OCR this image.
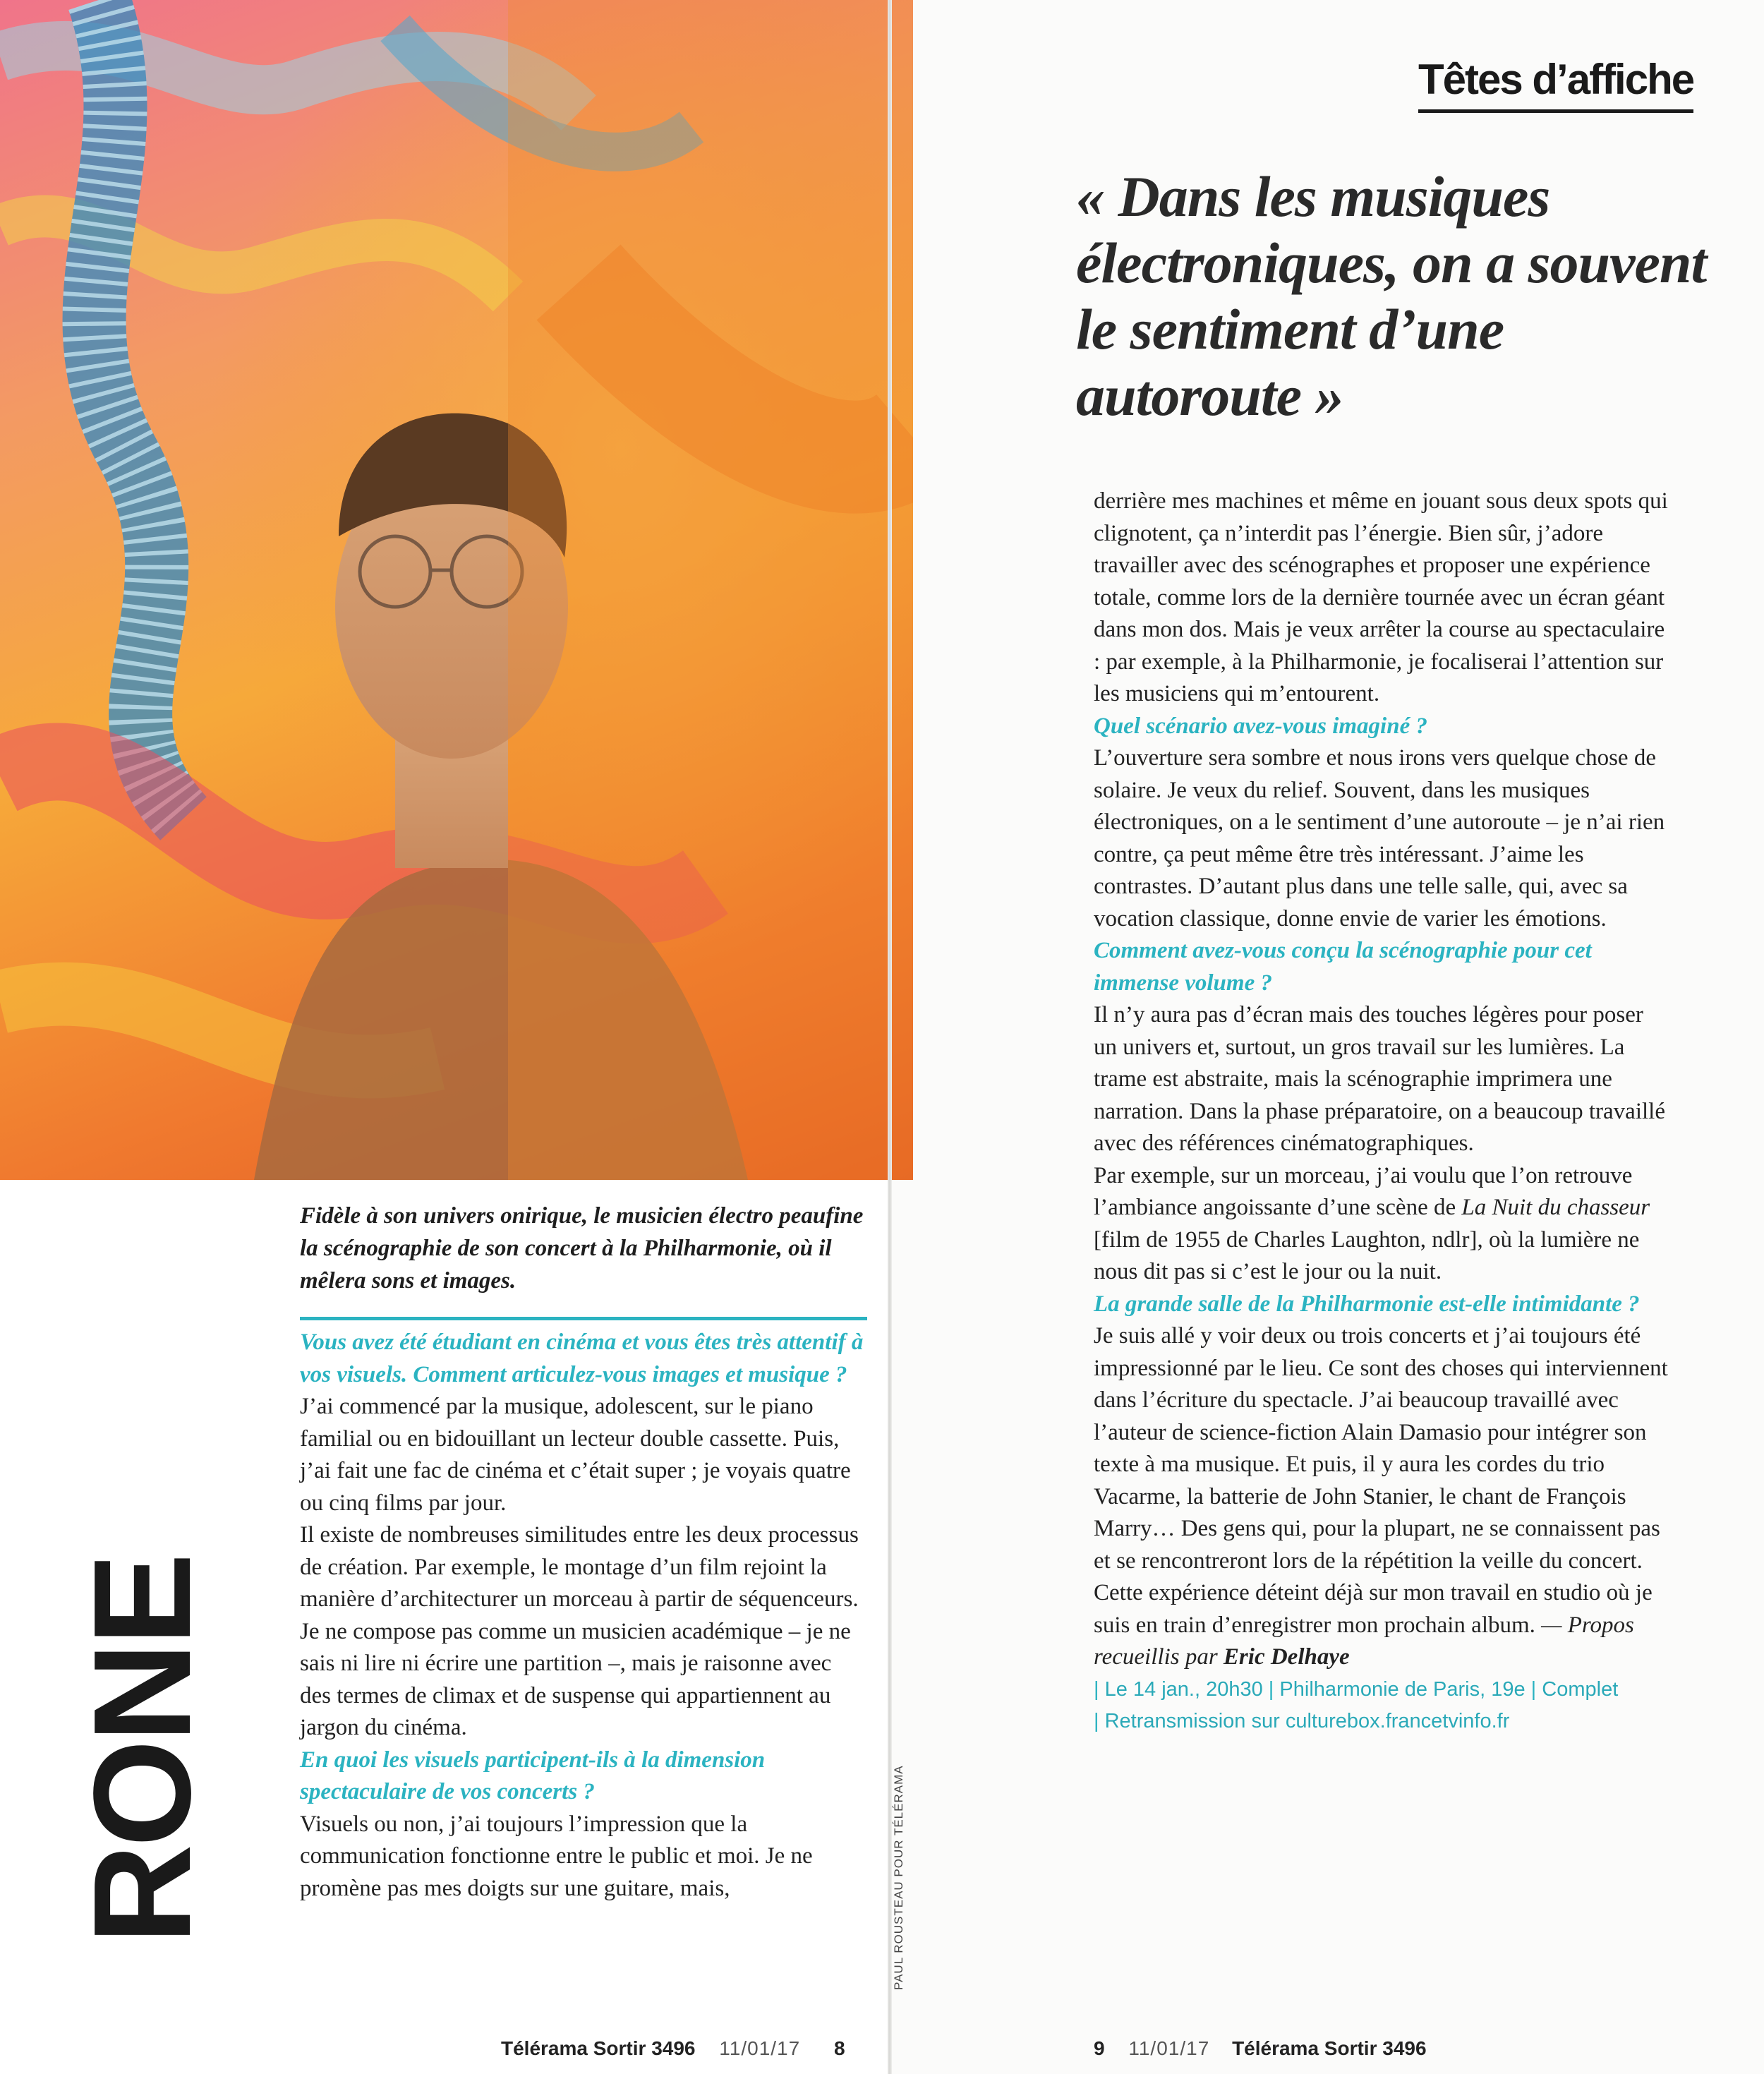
RONE	PAUL ROUSTEAU POUR TÉLÉRAMA
Fidèle à son univers onirique, le musicien électro peaufine la scénographie de son concert à la Philharmonie, où il mêlera sons et images.
Vous avez été étudiant en cinéma et vous êtes très attentif à vos visuels. Comment articulez-vous images et musique ?
J’ai commencé par la musique, adolescent, sur le piano familial ou en bidouillant un lecteur double cassette. Puis, j’ai fait une fac de cinéma et c’était super ; je voyais quatre ou cinq films par jour.
Il existe de nombreuses similitudes entre les deux processus de création. Par exemple, le montage d’un film rejoint la manière d’architecturer un morceau à partir de séquenceurs. Je ne compose pas comme un musicien académique – je ne sais ni lire ni écrire une partition –, mais je raisonne avec des termes de climax et de suspense qui appartiennent au jargon du cinéma.
En quoi les visuels participent-ils à la dimension spectaculaire de vos concerts ?
Visuels ou non, j’ai toujours l’impression que la communication fonctionne entre le public et moi. Je ne promène pas mes doigts sur une guitare, mais,
Télérama Sortir 3496 11/01/17 8
Têtes d’affiche
« Dans les musiques électroniques, on a souvent le sentiment d’une autoroute »
derrière mes machines et même en jouant sous deux spots qui clignotent, ça n’interdit pas l’énergie. Bien sûr, j’adore travailler avec des scénographes et proposer une expérience totale, comme lors de la dernière tournée avec un écran géant dans mon dos. Mais je veux arrêter la course au spectaculaire : par exemple, à la Philharmonie, je focaliserai l’attention sur les musiciens qui m’entourent.
Quel scénario avez-vous imaginé ?
L’ouverture sera sombre et nous irons vers quelque chose de solaire. Je veux du relief. Souvent, dans les musiques électroniques, on a le sentiment d’une autoroute – je n’ai rien contre, ça peut même être très intéressant. J’aime les contrastes. D’autant plus dans une telle salle, qui, avec sa vocation classique, donne envie de varier les émotions.
Comment avez-vous conçu la scénographie pour cet immense volume ?
Il n’y aura pas d’écran mais des touches légères pour poser un univers et, surtout, un gros travail sur les lumières. La trame est abstraite, mais la scénographie imprimera une narration. Dans la phase préparatoire, on a beaucoup travaillé avec des références cinématographiques.
Par exemple, sur un morceau, j’ai voulu que l’on retrouve l’ambiance angoissante d’une scène de La Nuit du chasseur [film de 1955 de Charles Laughton, ndlr], où la lumière ne nous dit pas si c’est le jour ou la nuit.
La grande salle de la Philharmonie est-elle intimidante ?
Je suis allé y voir deux ou trois concerts et j’ai toujours été impressionné par le lieu. Ce sont des choses qui interviennent dans l’écriture du spectacle. J’ai beaucoup travaillé avec l’auteur de science-fiction Alain Damasio pour intégrer son texte à ma musique. Et puis, il y aura les cordes du trio Vacarme, la batterie de John Stanier, le chant de François Marry… Des gens qui, pour la plupart, ne se connaissent pas et se rencontreront lors de la répétition la veille du concert. Cette expérience déteint déjà sur mon travail en studio où je suis en train d’enregistrer mon prochain album. — Propos recueillis par Eric Delhaye
| Le 14 jan., 20h30 | Philharmonie de Paris, 19e | Complet
| Retransmission sur culturebox.francetvinfo.fr
9 11/01/17 Télérama Sortir 3496
